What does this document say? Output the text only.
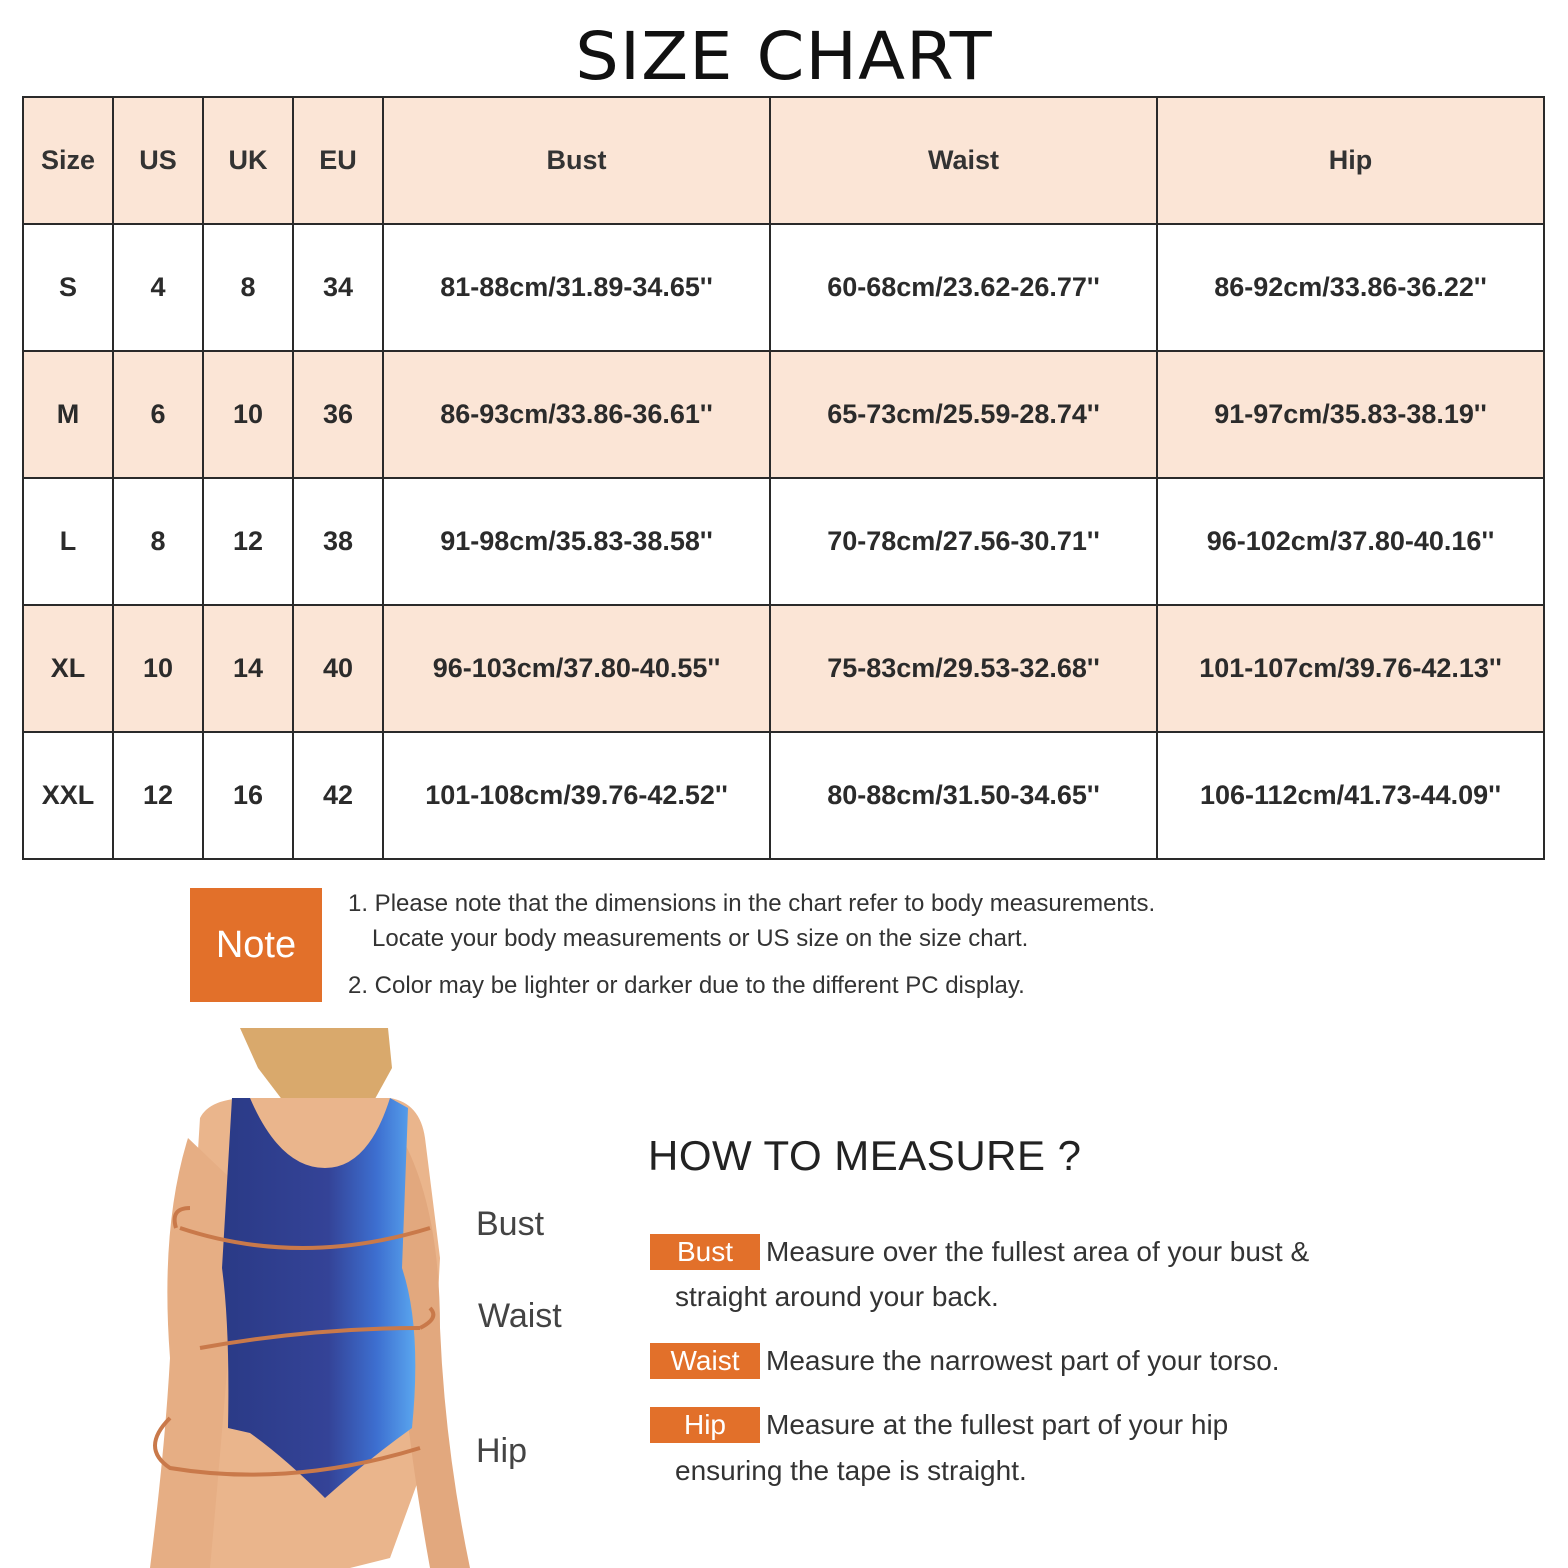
SIZE CHART
Size	US	UK	EU	Bust	Waist	Hip
S	4	8	34	81-88cm/31.89-34.65''	60-68cm/23.62-26.77''	86-92cm/33.86-36.22''
M	6	10	36	86-93cm/33.86-36.61''	65-73cm/25.59-28.74''	91-97cm/35.83-38.19''
L	8	12	38	91-98cm/35.83-38.58''	70-78cm/27.56-30.71''	96-102cm/37.80-40.16''
XL	10	14	40	96-103cm/37.80-40.55''	75-83cm/29.53-32.68''	101-107cm/39.76-42.13''
XXL	12	16	42	101-108cm/39.76-42.52''	80-88cm/31.50-34.65''	106-112cm/41.73-44.09''
Note
1. Please note that the dimensions in the chart refer to body measurements.
Locate your body measurements or US size on the size chart.
2. Color may be lighter or darker due to the different PC display.
Bust
Waist
Hip
HOW TO MEASURE ?
Bust	Measure over the fullest area of your bust &
straight around your back.
Waist Measure the narrowest part of your torso.
Hip	Measure at the fullest part of your hip
ensuring the tape is straight.
